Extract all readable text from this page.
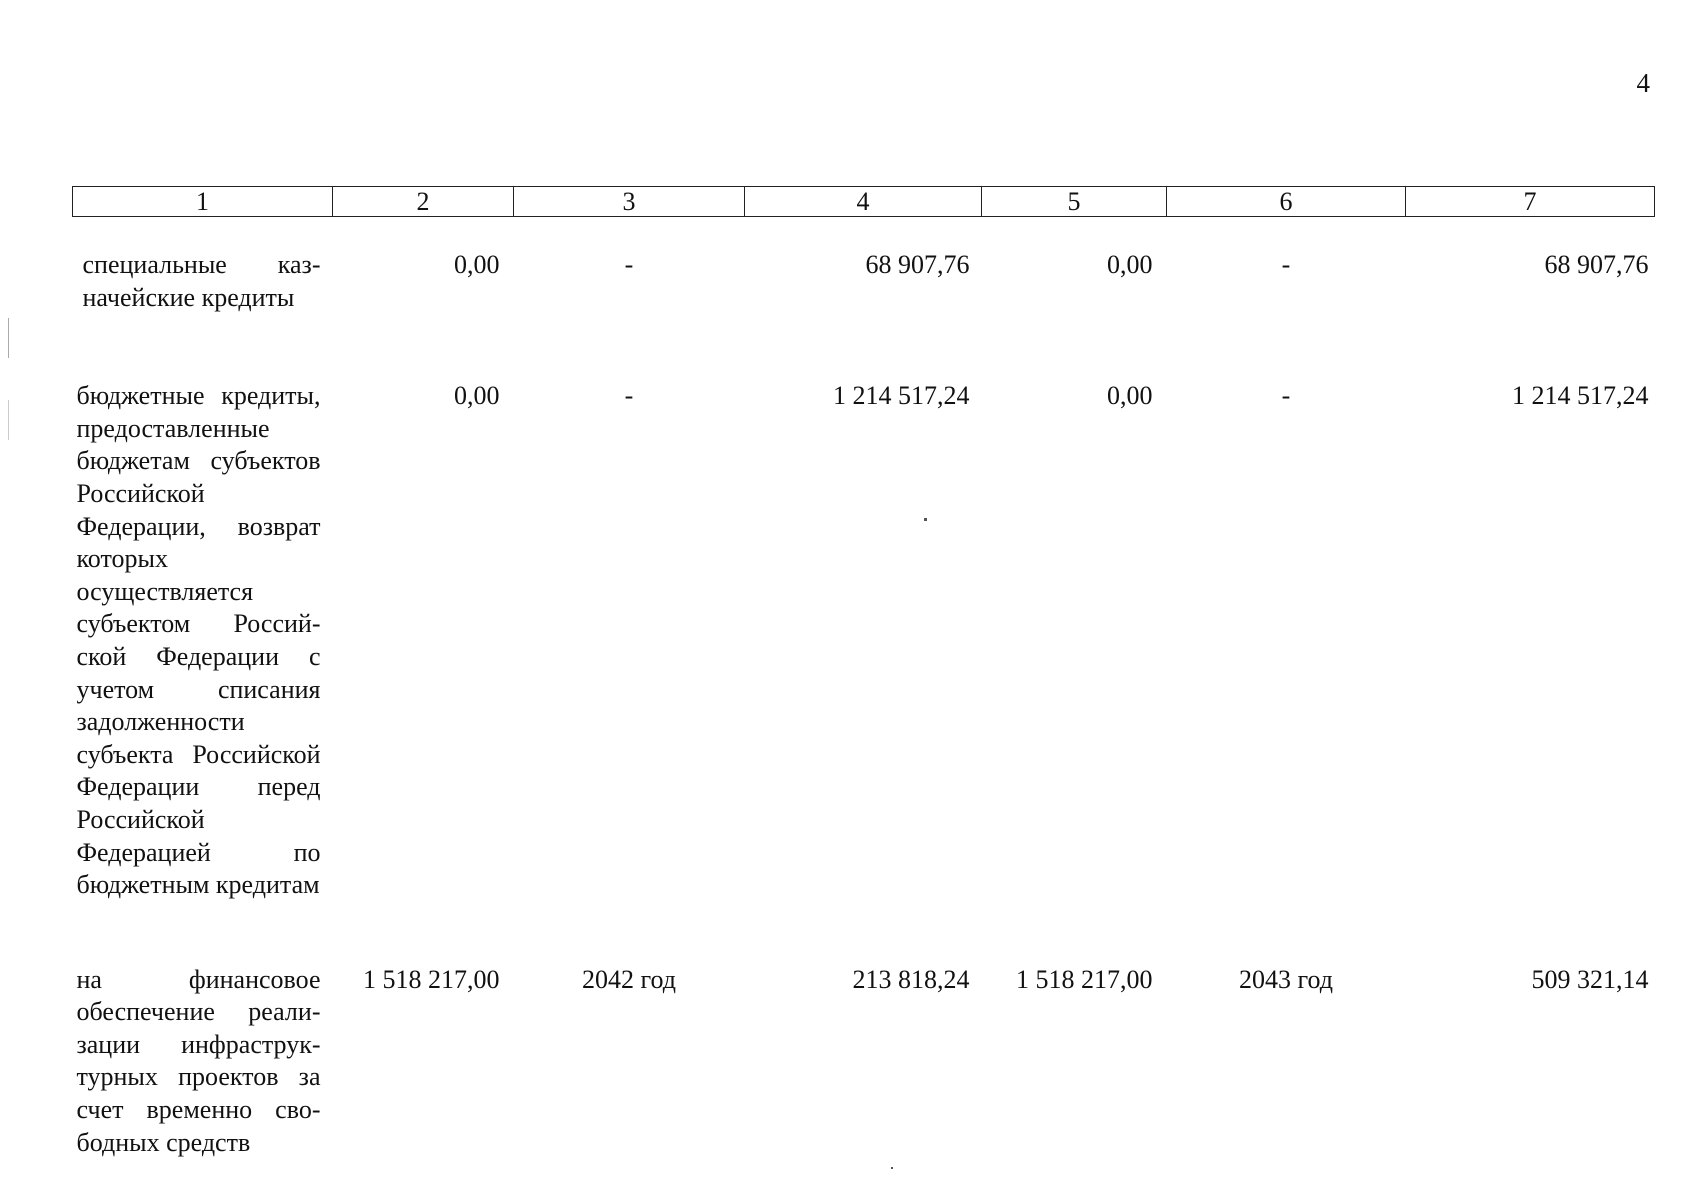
4
1	2	3	4	5	6	7
специальные казначейские кредиты	0,00	-	68 907,76	0,00	-	68 907,76
бюджетные кредиты, предоставленные бюджетам субъектов Российской Федерации, возврат которых осуществляется субъектом Российской Федерации с учетом списания задолженности субъекта Российской Федерации перед Российской Федерацией по бюджетным кредитам	0,00	-	1 214 517,24	0,00	-	1 214 517,24
на финансовое обеспечение реализации инфраструктурных проектов за счет временно свободных средств	1 518 217,00	2042 год	213 818,24	1 518 217,00	2043 год	509 321,14
